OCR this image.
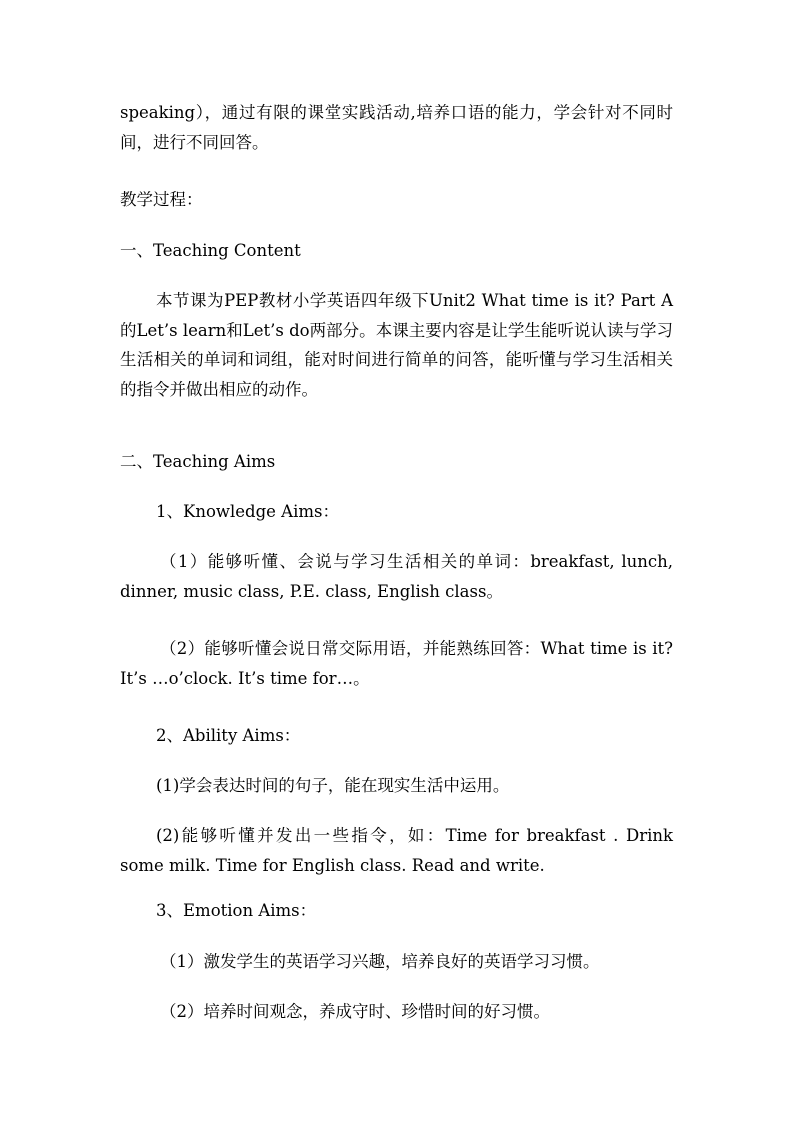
speaking），通过有限的课堂实践活动,培养口语的能力，学会针对不同时间，进行不同回答。

教学过程：

一、Teaching Content

本节课为PEP教材小学英语四年级下Unit2 What time is it? Part A的Let’s learn和Let’s do两部分。本课主要内容是让学生能听说认读与学习生活相关的单词和词组，能对时间进行简单的问答，能听懂与学习生活相关的指令并做出相应的动作。

二、Teaching Aims

1、Knowledge Aims：

（1）能够听懂、会说与学习生活相关的单词：breakfast, lunch, dinner, music class, P.E. class, English class。

（2）能够听懂会说日常交际用语，并能熟练回答：What time is it? It’s …o’clock. It’s time for…。

2、Ability Aims：

(1)学会表达时间的句子，能在现实生活中运用。

(2)能够听懂并发出一些指令，如：Time for breakfast . Drink some milk. Time for English class. Read and write.

3、Emotion Aims：

（1）激发学生的英语学习兴趣，培养良好的英语学习习惯。

（2）培养时间观念，养成守时、珍惜时间的好习惯。
